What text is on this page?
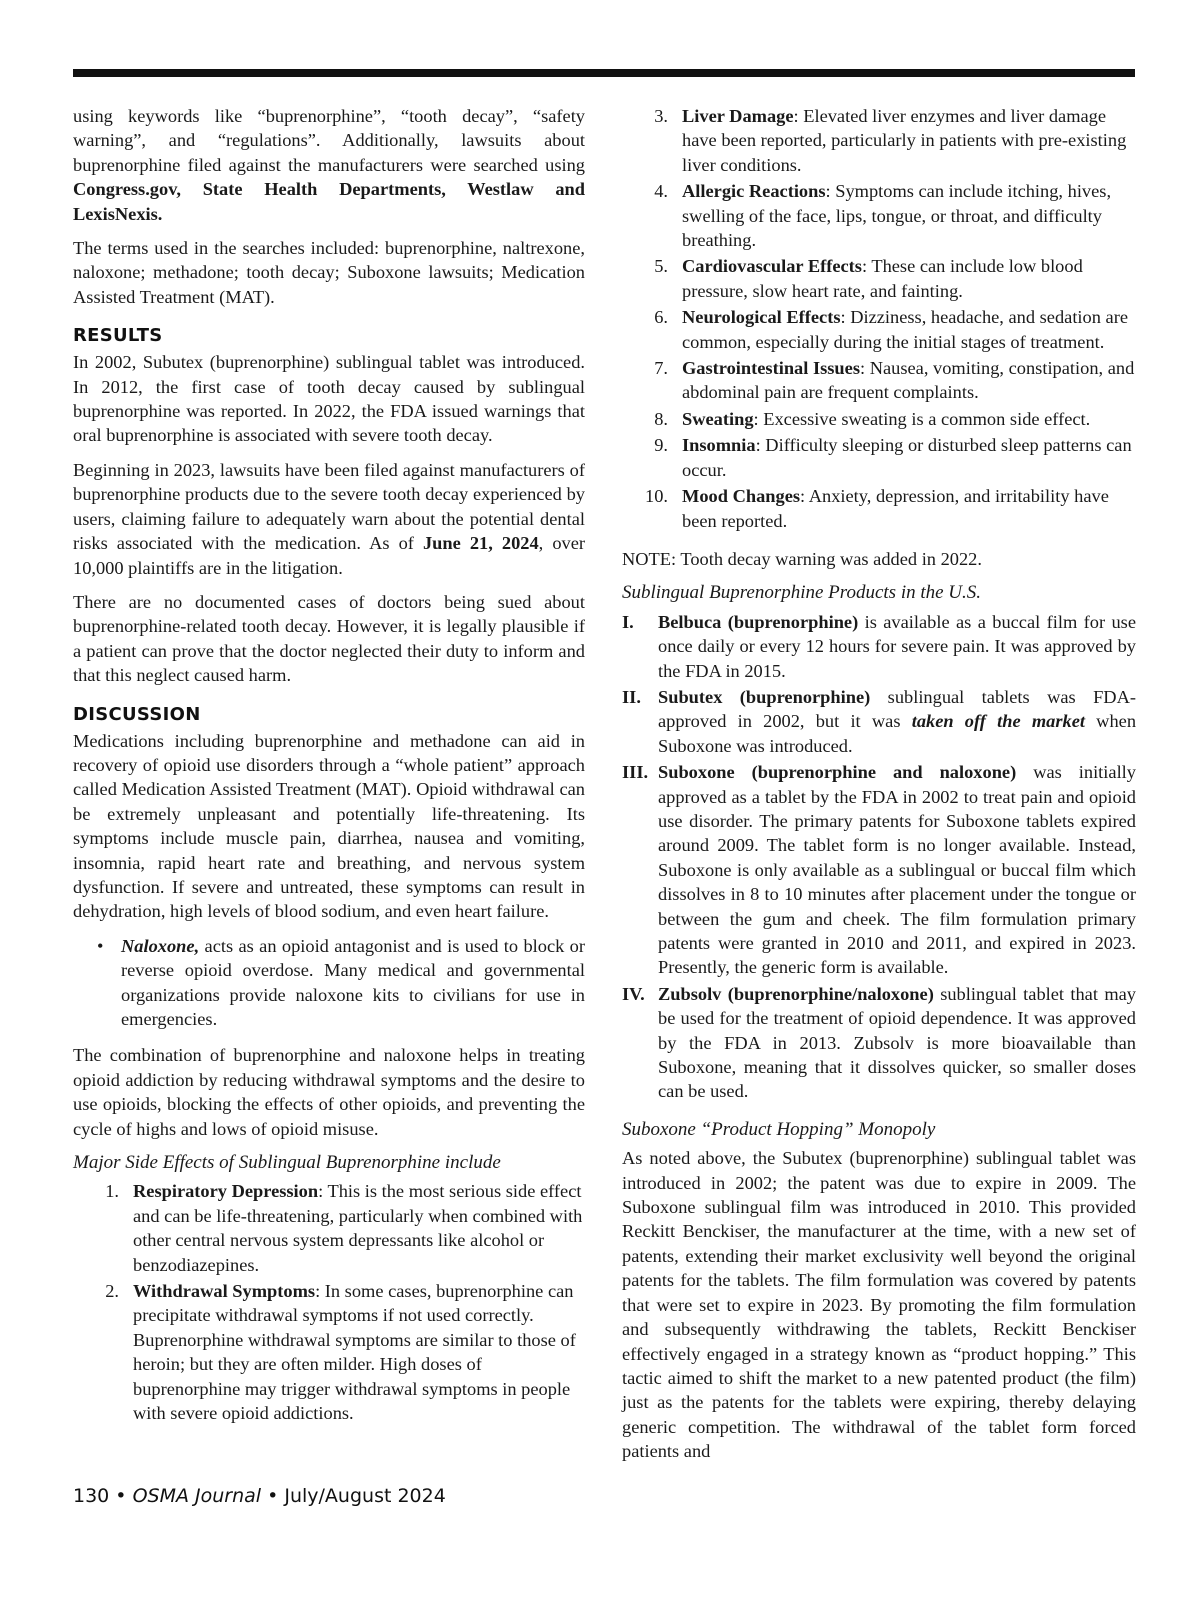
using keywords like “buprenorphine”, “tooth decay”, “safety warning”, and “regulations”. Additionally, lawsuits about buprenorphine filed against the manufacturers were searched using Congress.gov, State Health Departments, Westlaw and LexisNexis.

The terms used in the searches included: buprenorphine, naltrexone, naloxone; methadone; tooth decay; Suboxone lawsuits; Medication Assisted Treatment (MAT).

RESULTS

In 2002, Subutex (buprenorphine) sublingual tablet was introduced. In 2012, the first case of tooth decay caused by sublingual buprenorphine was reported. In 2022, the FDA issued warnings that oral buprenorphine is associated with severe tooth decay.

Beginning in 2023, lawsuits have been filed against manufacturers of buprenorphine products due to the severe tooth decay experienced by users, claiming failure to adequately warn about the potential dental risks associated with the medication. As of June 21, 2024, over 10,000 plaintiffs are in the litigation.

There are no documented cases of doctors being sued about buprenorphine-related tooth decay. However, it is legally plausible if a patient can prove that the doctor neglected their duty to inform and that this neglect caused harm.

DISCUSSION

Medications including buprenorphine and methadone can aid in recovery of opioid use disorders through a “whole patient” approach called Medication Assisted Treatment (MAT). Opioid withdrawal can be extremely unpleasant and potentially life-threatening. Its symptoms include muscle pain, diarrhea, nausea and vomiting, insomnia, rapid heart rate and breathing, and nervous system dysfunction. If severe and untreated, these symptoms can result in dehydration, high levels of blood sodium, and even heart failure.

• Naloxone, acts as an opioid antagonist and is used to block or reverse opioid overdose. Many medical and governmental organizations provide naloxone kits to civilians for use in emergencies.

The combination of buprenorphine and naloxone helps in treating opioid addiction by reducing withdrawal symptoms and the desire to use opioids, blocking the effects of other opioids, and preventing the cycle of highs and lows of opioid misuse.

Major Side Effects of Sublingual Buprenorphine include
1. Respiratory Depression: This is the most serious side effect and can be life-threatening, particularly when combined with other central nervous system depressants like alcohol or benzodiazepines.
2. Withdrawal Symptoms: In some cases, buprenorphine can precipitate withdrawal symptoms if not used correctly. Buprenorphine withdrawal symptoms are similar to those of heroin; but they are often milder. High doses of buprenorphine may trigger withdrawal symptoms in people with severe opioid addictions.
3. Liver Damage: Elevated liver enzymes and liver damage have been reported, particularly in patients with pre-existing liver conditions.
4. Allergic Reactions: Symptoms can include itching, hives, swelling of the face, lips, tongue, or throat, and difficulty breathing.
5. Cardiovascular Effects: These can include low blood pressure, slow heart rate, and fainting.
6. Neurological Effects: Dizziness, headache, and sedation are common, especially during the initial stages of treatment.
7. Gastrointestinal Issues: Nausea, vomiting, constipation, and abdominal pain are frequent complaints.
8. Sweating: Excessive sweating is a common side effect.
9. Insomnia: Difficulty sleeping or disturbed sleep patterns can occur.
10. Mood Changes: Anxiety, depression, and irritability have been reported.

NOTE: Tooth decay warning was added in 2022.

Sublingual Buprenorphine Products in the U.S.
I. Belbuca (buprenorphine) is available as a buccal film for use once daily or every 12 hours for severe pain. It was approved by the FDA in 2015.
II. Subutex (buprenorphine) sublingual tablets was FDA-approved in 2002, but it was taken off the market when Suboxone was introduced.
III. Suboxone (buprenorphine and naloxone) was initially approved as a tablet by the FDA in 2002 to treat pain and opioid use disorder. The primary patents for Suboxone tablets expired around 2009. The tablet form is no longer available. Instead, Suboxone is only available as a sublingual or buccal film which dissolves in 8 to 10 minutes after placement under the tongue or between the gum and cheek. The film formulation primary patents were granted in 2010 and 2011, and expired in 2023. Presently, the generic form is available.
IV. Zubsolv (buprenorphine/naloxone) sublingual tablet that may be used for the treatment of opioid dependence. It was approved by the FDA in 2013. Zubsolv is more bioavailable than Suboxone, meaning that it dissolves quicker, so smaller doses can be used.
Suboxone “Product Hopping” Monopoly

As noted above, the Subutex (buprenorphine) sublingual tablet was introduced in 2002; the patent was due to expire in 2009. The Suboxone sublingual film was introduced in 2010. This provided Reckitt Benckiser, the manufacturer at the time, with a new set of patents, extending their market exclusivity well beyond the original patents for the tablets. The film formulation was covered by patents that were set to expire in 2023. By promoting the film formulation and subsequently withdrawing the tablets, Reckitt Benckiser effectively engaged in a strategy known as “product hopping.” This tactic aimed to shift the market to a new patented product (the film) just as the patents for the tablets were expiring, thereby delaying generic competition. The withdrawal of the tablet form forced patients and

130 • OSMA Journal • July/August 2024
